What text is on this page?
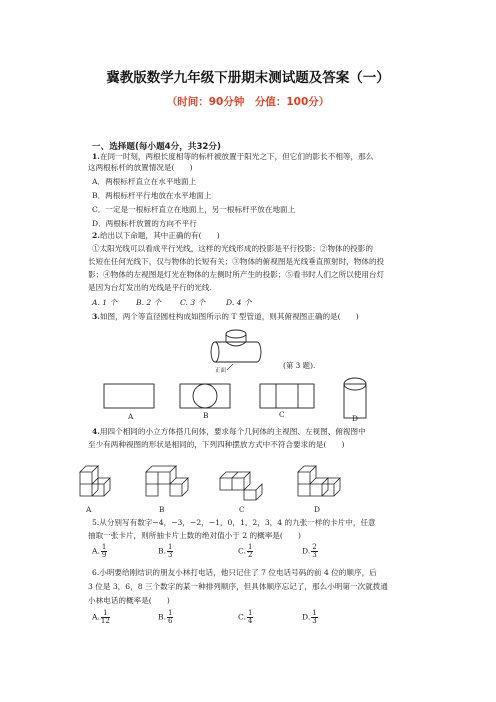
冀教版数学九年级下册期末测试题及答案（一）
（时间：90分钟　分值：100分）
一、选择题(每小题4分，共32分)
1.在同一时刻，两根长度相等的标杆被放置于阳光之下，但它们的影长不相等，那么
这两根标杆的放置情况是(　　)
A．两根标杆直立在水平地面上
B．两根标杆平行地放在水平地面上
C．一定是一根标杆直立在地面上，另一根标杆平放在地面上
D．两根标杆放置的方向不平行
2.给出以下命题，其中正确的有(　　)
①太阳光线可以看成平行光线，这样的光线形成的投影是平行投影；②物体的投影的
长短在任何光线下，仅与物体的长短有关；③物体的俯视图是光线垂直照射时，物体的投
影；④物体的左视图是灯光在物体的左侧时所产生的投影；⑤看书时人们之所以使用台灯
是因为台灯发出的光线是平行的光线.
A. 1 个 B. 2 个 C. 3 个	D. 4 个
3.如图，两个等直径圆柱构成如图所示的 T 型管道，则其俯视图正确的是(　　)
正面
(第 3 题).
A	B	C	D
4.用四个相同的小立方体搭几何体，要求每个几何体的主视图、左视图、俯视图中
至少有两种视图的形状是相同的，下列四种摆放方式中不符合要求的是(　　)
A	B	C	D
5.从分别写有数字−4，−3，−2，−1，0，1，2，3，4 的九张一样的卡片中，任意
抽取一张卡片，则所抽卡片上数的绝对值小于 2 的概率是(　　)
A. $\frac{1}{9}$	B. $\frac{1}{3}$	C. $\frac{1}{2}$	D. $\frac{2}{3}$
6.小明要给刚结识的朋友小林打电话，他只记住了 7 位电话号码的前 4 位的顺序，后
3 位是 3，6，8 三个数字的某一种排列顺序，但具体顺序忘记了，那么小明第一次就拨通
小林电话的概率是(　　)
A. $\frac{1}{12}$	B. $\frac{1}{6}$	C. $\frac{1}{4}$	D. $\frac{1}{3}$
